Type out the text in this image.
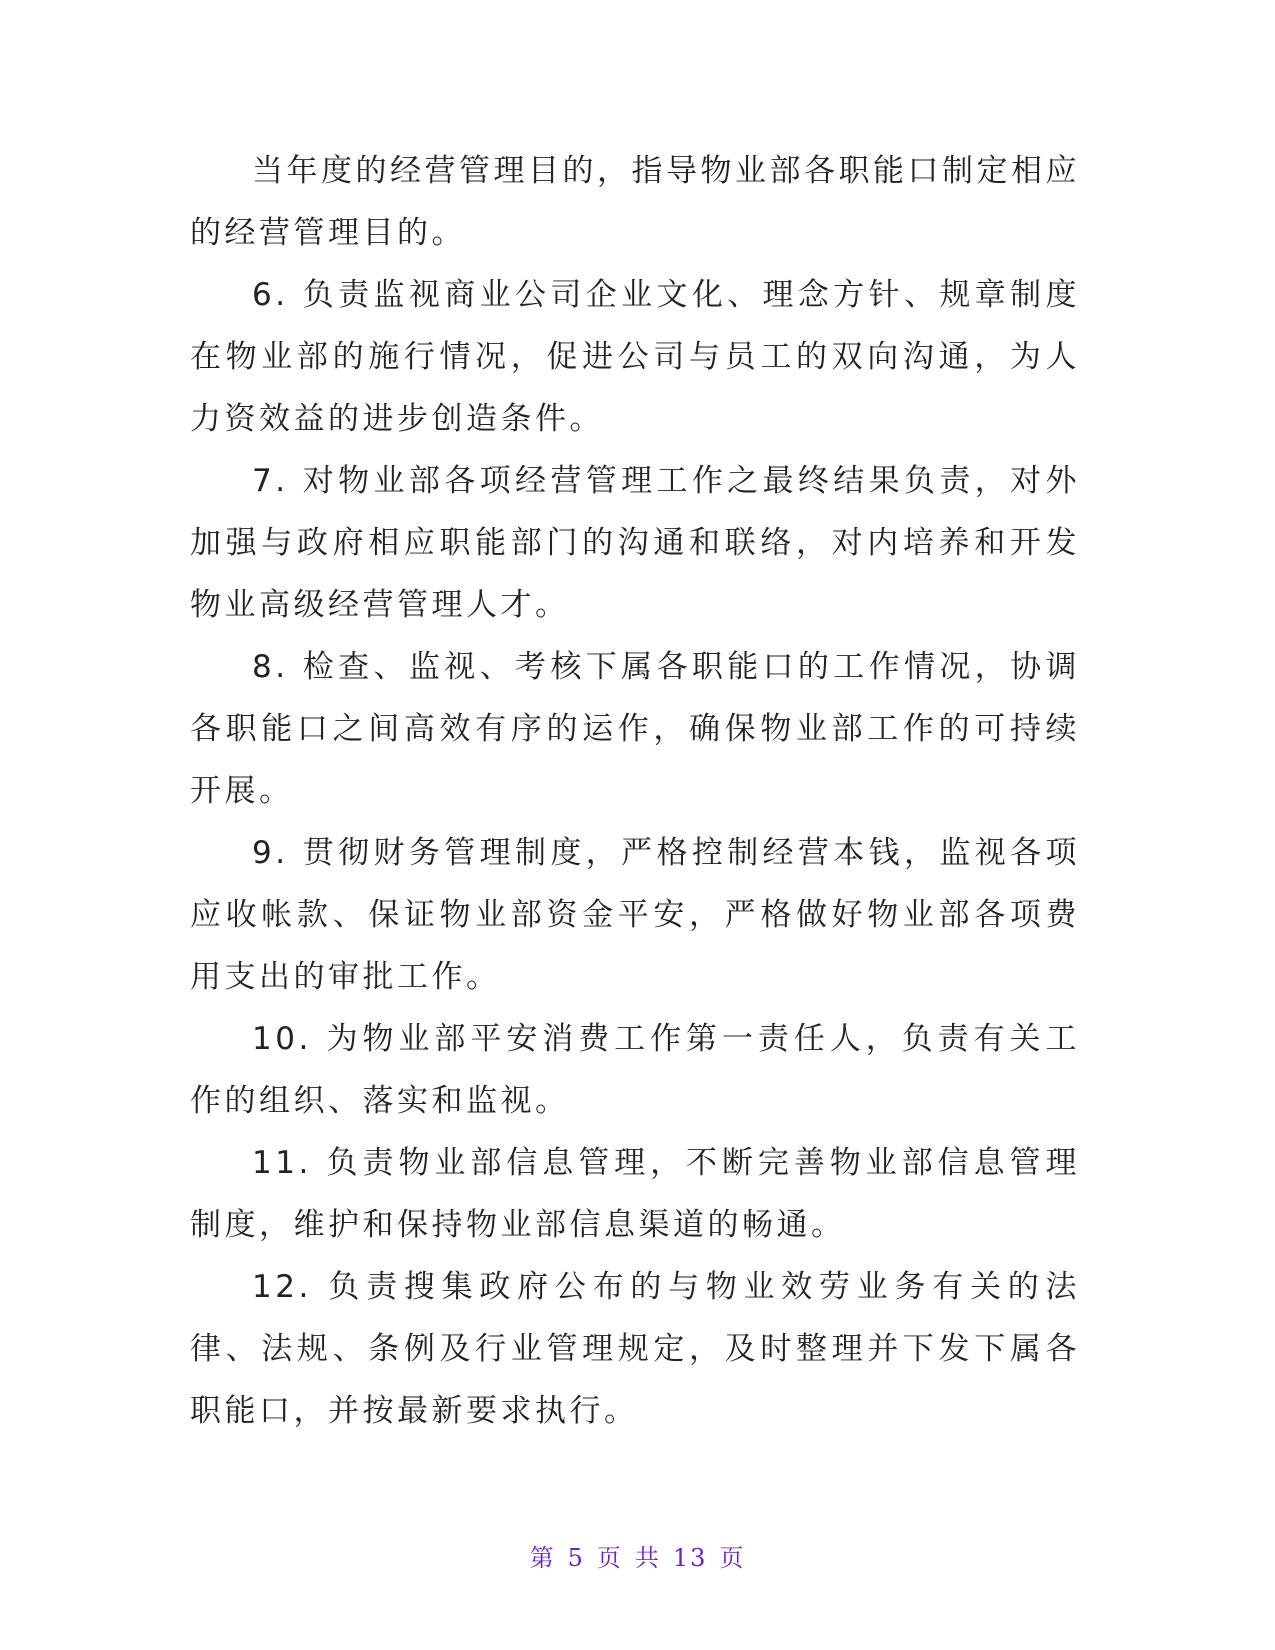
当年度的经营管理目的，指导物业部各职能口制定相应的经营管理目的。

6. 负责监视商业公司企业文化、理念方针、规章制度在物业部的施行情况，促进公司与员工的双向沟通，为人力资效益的进步创造条件。

7. 对物业部各项经营管理工作之最终结果负责，对外加强与政府相应职能部门的沟通和联络，对内培养和开发物业高级经营管理人才。

8. 检查、监视、考核下属各职能口的工作情况，协调各职能口之间高效有序的运作，确保物业部工作的可持续开展。

9. 贯彻财务管理制度，严格控制经营本钱，监视各项应收帐款、保证物业部资金平安，严格做好物业部各项费用支出的审批工作。

10. 为物业部平安消费工作第一责任人，负责有关工作的组织、落实和监视。

11. 负责物业部信息管理，不断完善物业部信息管理制度，维护和保持物业部信息渠道的畅通。

12. 负责搜集政府公布的与物业效劳业务有关的法律、法规、条例及行业管理规定，及时整理并下发下属各职能口，并按最新要求执行。

第 5 页 共 13 页
